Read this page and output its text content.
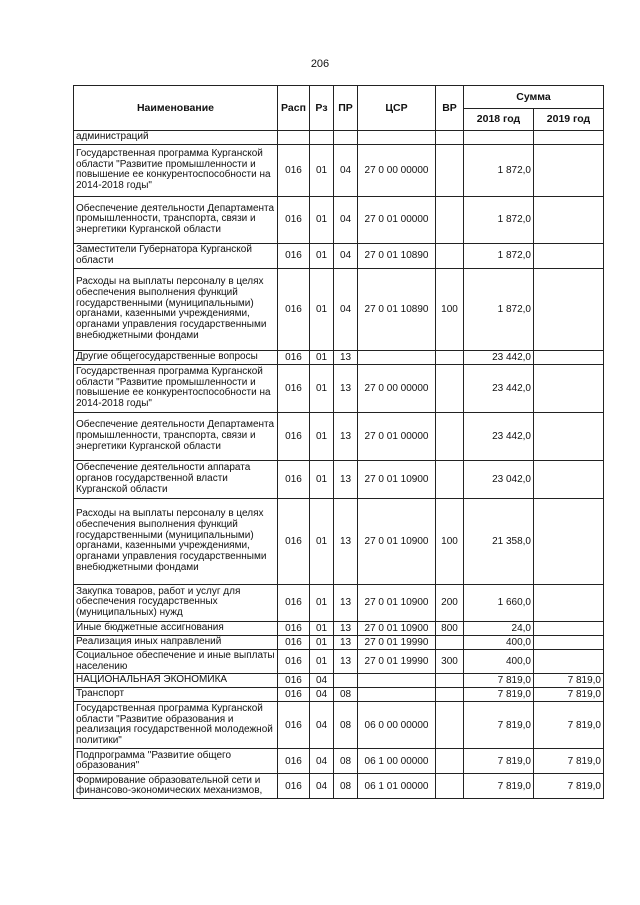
206
Наименование	Расп	Рз	ПР	ЦСР	ВР	Сумма	
						2018 год	2019 год
администраций							
Государственная программа Курганской области "Развитие промышленности и повышение ее конкурентоспособности на 2014-2018 годы"	016	01	04	27 0 00 00000		1 872,0	
Обеспечение деятельности Департамента промышленности, транспорта, связи и энергетики Курганской области	016	01	04	27 0 01 00000		1 872,0	
Заместители Губернатора Курганской области	016	01	04	27 0 01 10890		1 872,0	
Расходы на выплаты персоналу в целях обеспечения выполнения функций государственными (муниципальными) органами, казенными учреждениями, органами управления государственными внебюджетными фондами	016	01	04	27 0 01 10890	100	1 872,0	
Другие общегосударственные вопросы	016	01	13			23 442,0	
Государственная программа Курганской области "Развитие промышленности и повышение ее конкурентоспособности на 2014-2018 годы"	016	01	13	27 0 00 00000		23 442,0	
Обеспечение деятельности Департамента промышленности, транспорта, связи и энергетики Курганской области	016	01	13	27 0 01 00000		23 442,0	
Обеспечение деятельности аппарата органов государственной власти Курганской области	016	01	13	27 0 01 10900		23 042,0	
Расходы на выплаты персоналу в целях обеспечения выполнения функций государственными (муниципальными) органами, казенными учреждениями, органами управления государственными внебюджетными фондами	016	01	13	27 0 01 10900	100	21 358,0	
Закупка товаров, работ и услуг для обеспечения государственных (муниципальных) нужд	016	01	13	27 0 01 10900	200	1 660,0	
Иные бюджетные ассигнования	016	01	13	27 0 01 10900	800	24,0	
Реализация иных направлений	016	01	13	27 0 01 19990		400,0	
Социальное обеспечение и иные выплаты населению	016	01	13	27 0 01 19990	300	400,0	
НАЦИОНАЛЬНАЯ ЭКОНОМИКА	016	04				7 819,0	7 819,0
Транспорт	016	04	08			7 819,0	7 819,0
Государственная программа Курганской области "Развитие образования и реализация государственной молодежной политики"	016	04	08	06 0 00 00000		7 819,0	7 819,0
Подпрограмма "Развитие общего образования"	016	04	08	06 1 00 00000		7 819,0	7 819,0
Формирование образовательной сети и финансово-экономических механизмов,	016	04	08	06 1 01 00000		7 819,0	7 819,0
